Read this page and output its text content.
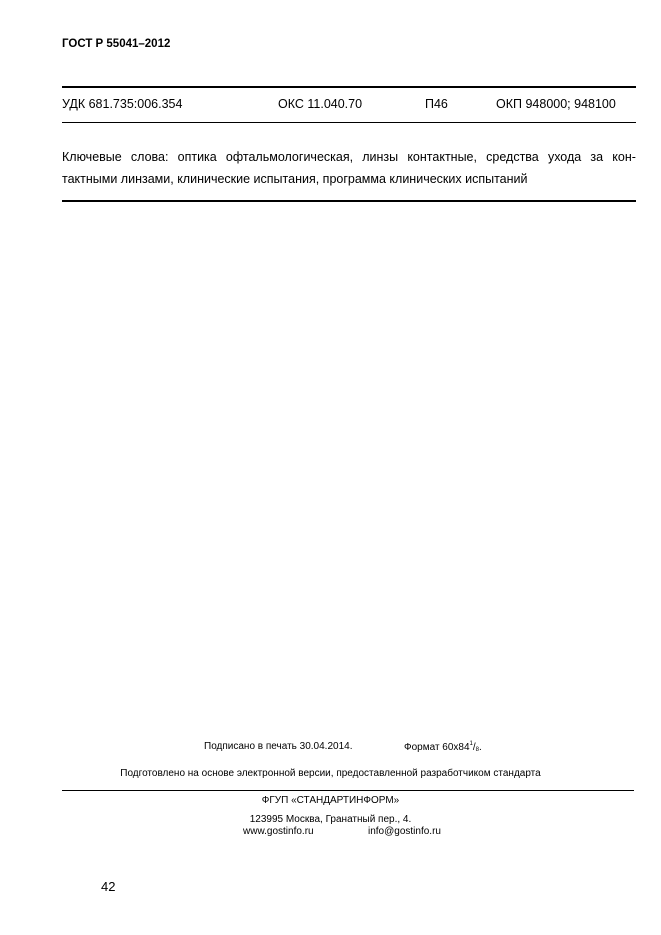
ГОСТ Р 55041–2012
УДК 681.735:006.354	ОКС 11.040.70	П46	ОКП 948000; 948100
Ключевые слова: оптика офтальмологическая, линзы контактные, средства ухода за кон-
тактными линзами, клинические испытания, программа клинических испытаний
Подписано в печать 30.04.2014.	Формат $60x84^1/_8$.
Подготовлено на основе электронной версии, предоставленной разработчиком стандарта
ФГУП «СТАНДАРТИНФОРМ»
123995 Москва, Гранатный пер., 4.
www.gostinfo.ru	info@gostinfo.ru
42
